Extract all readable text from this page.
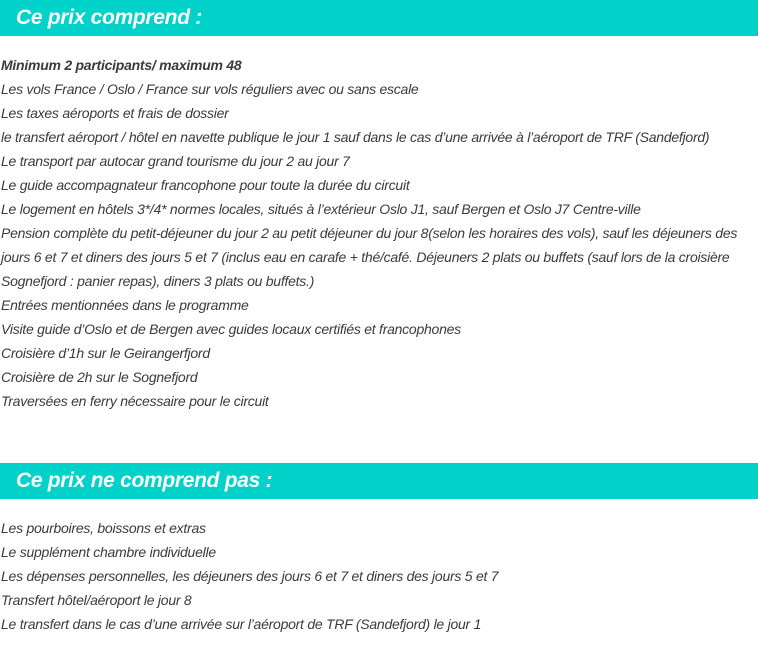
Ce prix comprend :
Minimum 2 participants/ maximum 48
Les vols France / Oslo / France sur vols réguliers avec ou sans escale
Les taxes aéroports et frais de dossier
le transfert aéroport / hôtel en navette publique le jour 1 sauf dans le cas d’une arrivée à l’aéroport de TRF (Sandefjord)
Le transport par autocar grand tourisme du jour 2 au jour 7
Le guide accompagnateur francophone pour toute la durée du circuit
Le logement en hôtels 3*/4* normes locales, situés à l’extérieur Oslo J1, sauf Bergen et Oslo J7 Centre-ville
Pension complète du petit-déjeuner du jour 2 au petit déjeuner du jour 8(selon les horaires des vols), sauf les déjeuners des jours 6 et 7 et diners des jours 5 et 7 (inclus eau en carafe + thé/café. Déjeuners 2 plats ou buffets (sauf lors de la croisière Sognefjord : panier repas), diners 3 plats ou buffets.)
Entrées mentionnées dans le programme
Visite guide d’Oslo et de Bergen avec guides locaux certifiés et francophones
Croisière d’1h sur le Geirangerfjord
Croisière de 2h sur le Sognefjord
Traversées en ferry nécessaire pour le circuit
Ce prix ne comprend pas :
Les pourboires, boissons et extras
Le supplément chambre individuelle
Les dépenses personnelles, les déjeuners des jours 6 et 7 et diners des jours 5 et 7
Transfert hôtel/aéroport le jour 8
Le transfert dans le cas d’une arrivée sur l’aéroport de TRF (Sandefjord) le jour 1
